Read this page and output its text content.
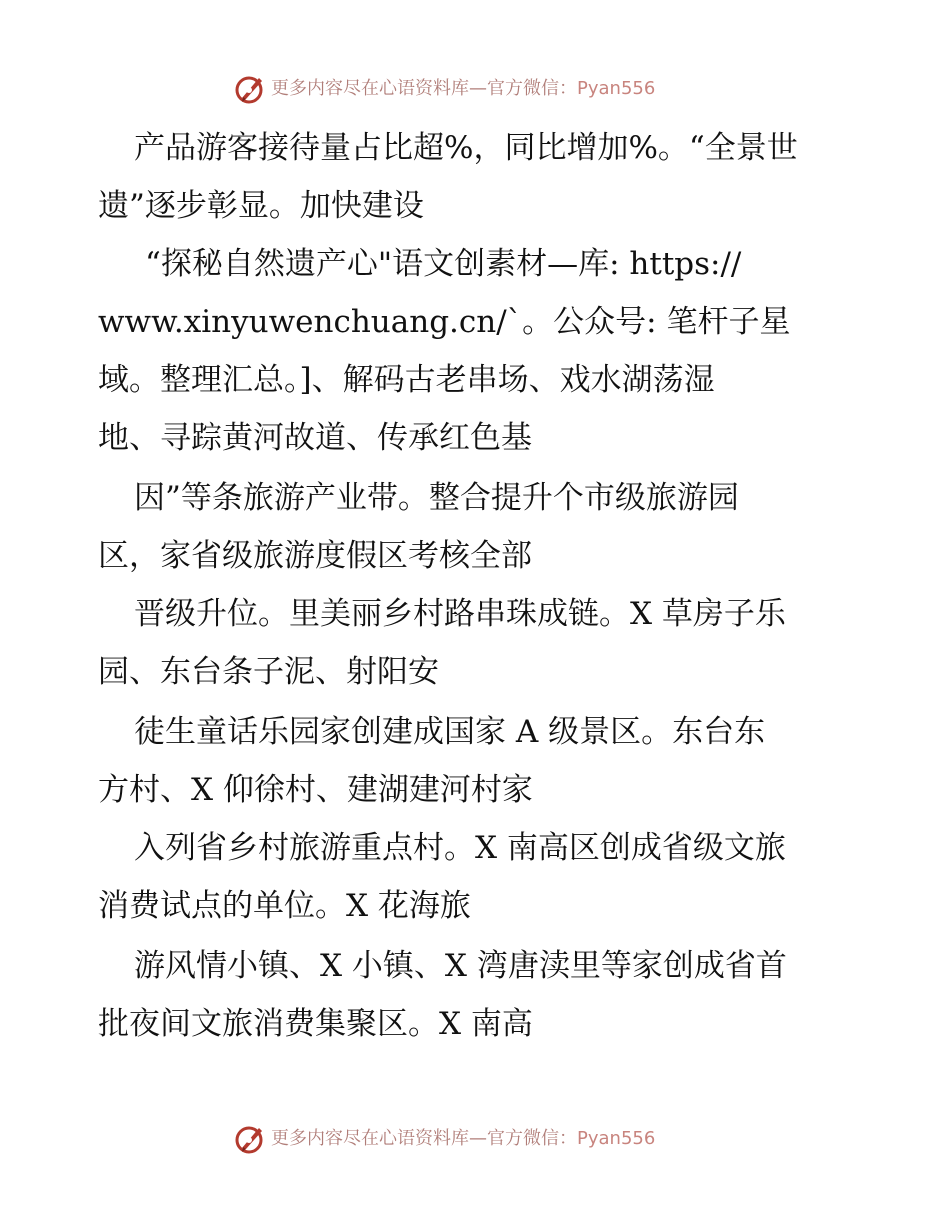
更多内容尽在心语资料库—官方微信：Pyan556
产品游客接待量占比超%，同比增加%。“全景世
遗”逐步彰显。加快建设
“探秘自然遗产心"语文创素材—库: https://
www.xinyuwenchuang.cn/`。公众号: 笔杆子星
域。整理汇总。]、解码古老串场、戏水湖荡湿
地、寻踪黄河故道、传承红色基
因”等条旅游产业带。整合提升个市级旅游园
区，家省级旅游度假区考核全部
晋级升位。里美丽乡村路串珠成链。X 草房子乐
园、东台条子泥、射阳安
徒生童话乐园家创建成国家 A 级景区。东台东
方村、X 仰徐村、建湖建河村家
入列省乡村旅游重点村。X 南高区创成省级文旅
消费试点的单位。X 花海旅
游风情小镇、X 小镇、X 湾唐渎里等家创成省首
批夜间文旅消费集聚区。X 南高
更多内容尽在心语资料库—官方微信：Pyan556
